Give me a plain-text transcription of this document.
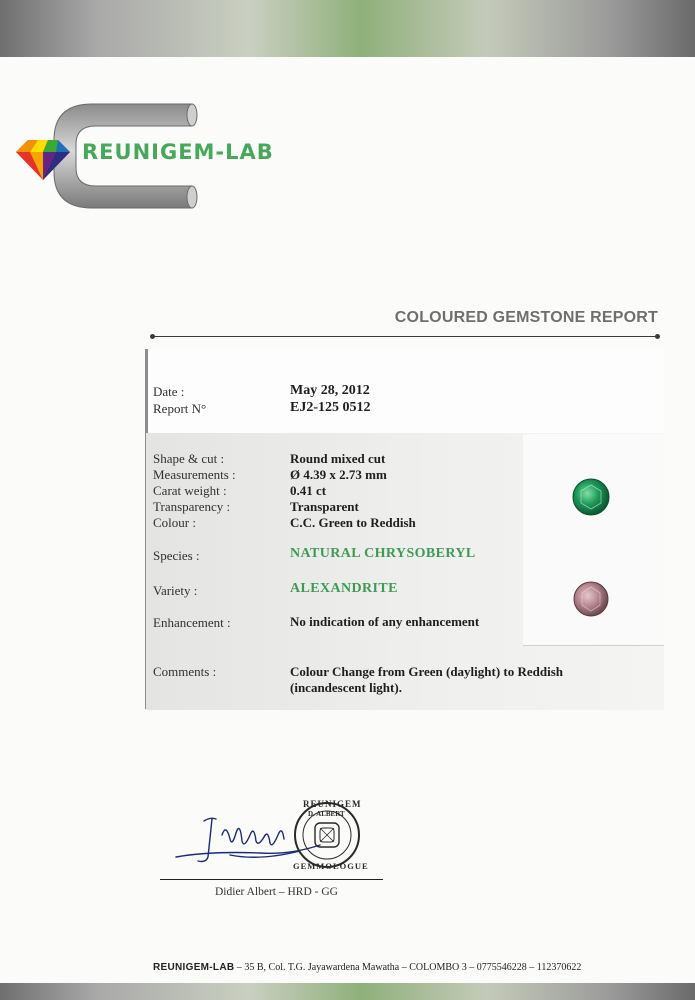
REUNIGEM-LAB
COLOURED GEMSTONE REPORT
Date :	May 28, 2012
Report N°	EJ2-125 0512
Shape & cut :	Round mixed cut
Measurements :	Ø 4.39 x 2.73 mm
Carat weight :	0.41 ct
Transparency :	Transparent
Colour :	C.C. Green to Reddish
Species :	NATURAL CHRYSOBERYL
Variety :	ALEXANDRITE
Enhancement :	No indication of any enhancement
Comments :	Colour Change from Green (daylight) to Reddish
(incandescent light).
REUNIGEM
D. ALBERT
GEMMOLOGUE
Didier Albert – HRD - GG
REUNIGEM-LAB – 35 B, Col. T.G. Jayawardena Mawatha – COLOMBO 3 – 0775546228 – 112370622
